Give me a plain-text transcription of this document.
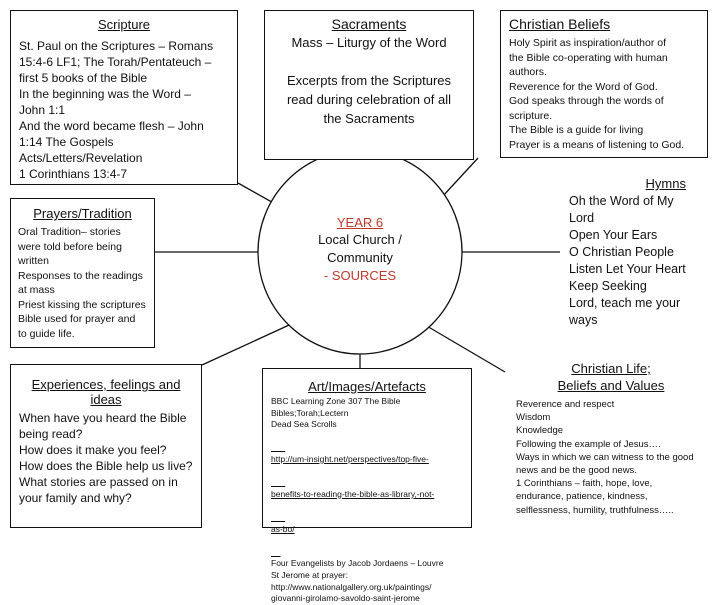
Scripture
St. Paul on the Scriptures – Romans
15:4-6 LF1; The Torah/Pentateuch –
first 5 books of the Bible
In the beginning was the Word –
John 1:1
And the word became flesh – John
1:14 The Gospels
Acts/Letters/Revelation
1 Corinthians 13:4-7
Sacraments
Mass – Liturgy of the Word
Excerpts from the Scriptures
read during celebration of all
the Sacraments
Christian Beliefs
Holy Spirit as inspiration/author of
the Bible co-operating with human
authors.
Reverence for the Word of God.
God speaks through the words of
scripture.
The Bible is a guide for living
Prayer is a means of listening to God.
Prayers/Tradition
Oral Tradition– stories
were told before being
written
Responses to the readings
at mass
Priest kissing the scriptures
Bible used for prayer and
to guide life.
YEAR 6
Local Church /
Community
- SOURCES
Hymns
Oh the Word of My
Lord
Open Your Ears
O Christian People
Listen Let Your Heart
Keep Seeking
Lord, teach me your
ways
Experiences, feelings and
ideas
When have you heard the Bible
being read?
How does it make you feel?
How does the Bible help us live?
What stories are passed on in
your family and why?
Art/Images/Artefacts
BBC Learning Zone 307 The Bible
Bibles;Torah;Lectern
Dead Sea Scrolls

http://um-insight.net/perspectives/top-five-

benefits-to-reading-the-bible-as-library,-not-

as-bo/

Four Evangelists by Jacob Jordaens – Louvre
St Jerome at prayer:
http://www.nationalgallery.org.uk/paintings/
giovanni-girolamo-savoldo-saint-jerome
Christian Life;
Beliefs and Values
Reverence and respect
Wisdom
Knowledge
Following the example of Jesus….
Ways in which we can witness to the good
news and be the good news.
1 Corinthians – faith, hope, love,
endurance, patience, kindness,
selflessness, humility, truthfulness…..
